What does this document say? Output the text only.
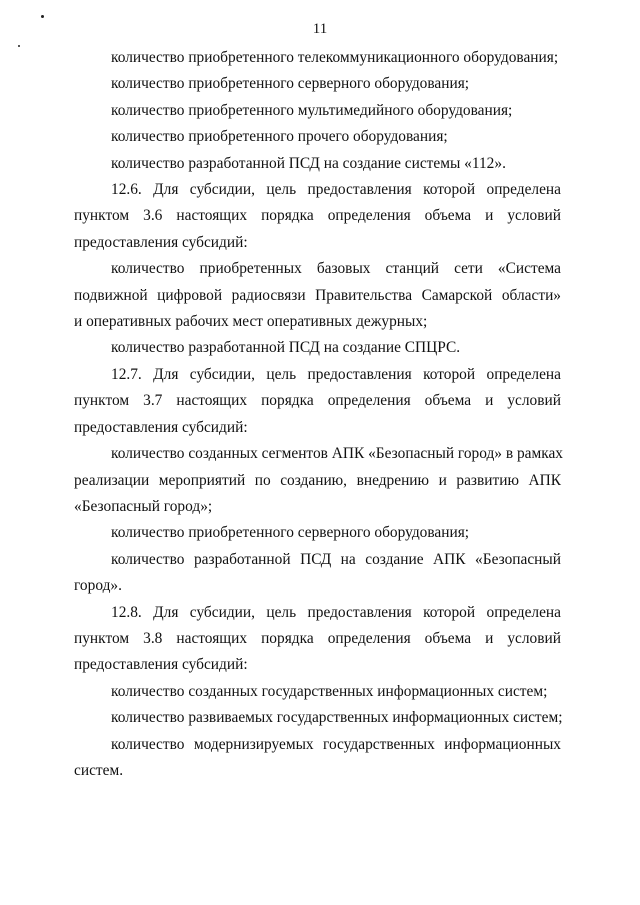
11
количество приобретенного телекоммуникационного оборудования;
количество приобретенного серверного оборудования;
количество приобретенного мультимедийного оборудования;
количество приобретенного прочего оборудования;
количество разработанной ПСД на создание системы «112».
12.6. Для субсидии, цель предоставления которой определена
пунктом 3.6 настоящих порядка определения объема и условий
предоставления субсидий:
количество приобретенных базовых станций сети «Система
подвижной цифровой радиосвязи Правительства Самарской области»
и оперативных рабочих мест оперативных дежурных;
количество разработанной ПСД на создание СПЦРС.
12.7. Для субсидии, цель предоставления которой определена
пунктом 3.7 настоящих порядка определения объема и условий
предоставления субсидий:
количество созданных сегментов АПК «Безопасный город» в рамках
реализации мероприятий по созданию, внедрению и развитию АПК
«Безопасный город»;
количество приобретенного серверного оборудования;
количество разработанной ПСД на создание АПК «Безопасный
город».
12.8. Для субсидии, цель предоставления которой определена
пунктом 3.8 настоящих порядка определения объема и условий
предоставления субсидий:
количество созданных государственных информационных систем;
количество развиваемых государственных информационных систем;
количество модернизируемых государственных информационных
систем.
